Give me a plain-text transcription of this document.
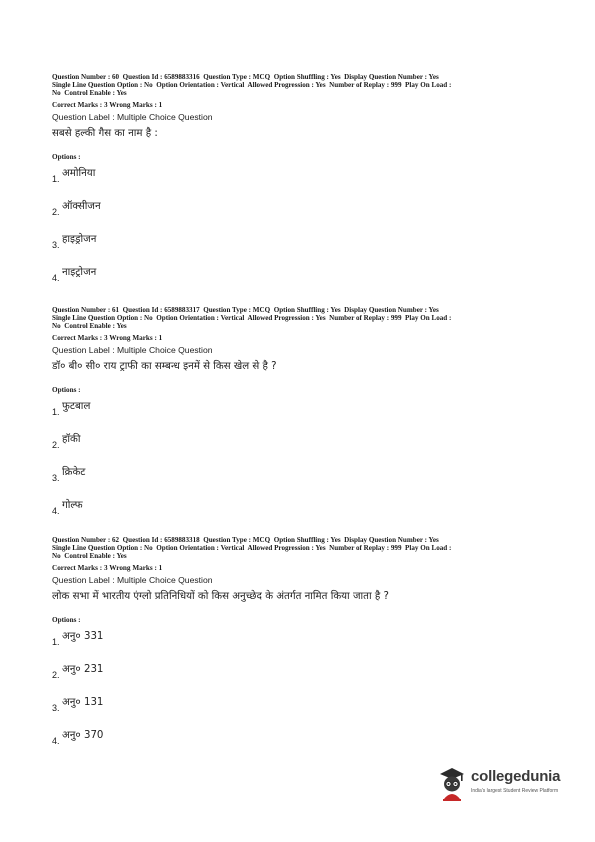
Question Number : 60  Question Id : 6589883316  Question Type : MCQ  Option Shuffling : Yes  Display Question Number : Yes
Single Line Question Option : No  Option Orientation : Vertical  Allowed Progression : Yes  Number of Replay : 999  Play On Load :
No  Control Enable : Yes
Correct Marks : 3 Wrong Marks : 1
Question Label : Multiple Choice Question
सबसे हल्की गैस का नाम है :
Options :
1. अमोनिया
2. ऑक्सीजन
3. हाइड्रोजन
4. नाइट्रोजन
Question Number : 61  Question Id : 6589883317  Question Type : MCQ  Option Shuffling : Yes  Display Question Number : Yes
Single Line Question Option : No  Option Orientation : Vertical  Allowed Progression : Yes  Number of Replay : 999  Play On Load :
No  Control Enable : Yes
Correct Marks : 3 Wrong Marks : 1
Question Label : Multiple Choice Question
डॉ० बी० सी० राय ट्राफी का सम्बन्ध इनमें से किस खेल से है ?
Options :
1. फुटबाल
2. हॉकी
3. क्रिकेट
4. गोल्फ
Question Number : 62  Question Id : 6589883318  Question Type : MCQ  Option Shuffling : Yes  Display Question Number : Yes
Single Line Question Option : No  Option Orientation : Vertical  Allowed Progression : Yes  Number of Replay : 999  Play On Load :
No  Control Enable : Yes
Correct Marks : 3 Wrong Marks : 1
Question Label : Multiple Choice Question
लोक सभा में भारतीय एंग्लो प्रतिनिधियों को किस अनुच्छेद के अंतर्गत नामित किया जाता है ?
Options :
1. अनु० 331
2. अनु० 231
3. अनु० 131
4. अनु० 370
collegedunia
India's largest Student Review Platform
